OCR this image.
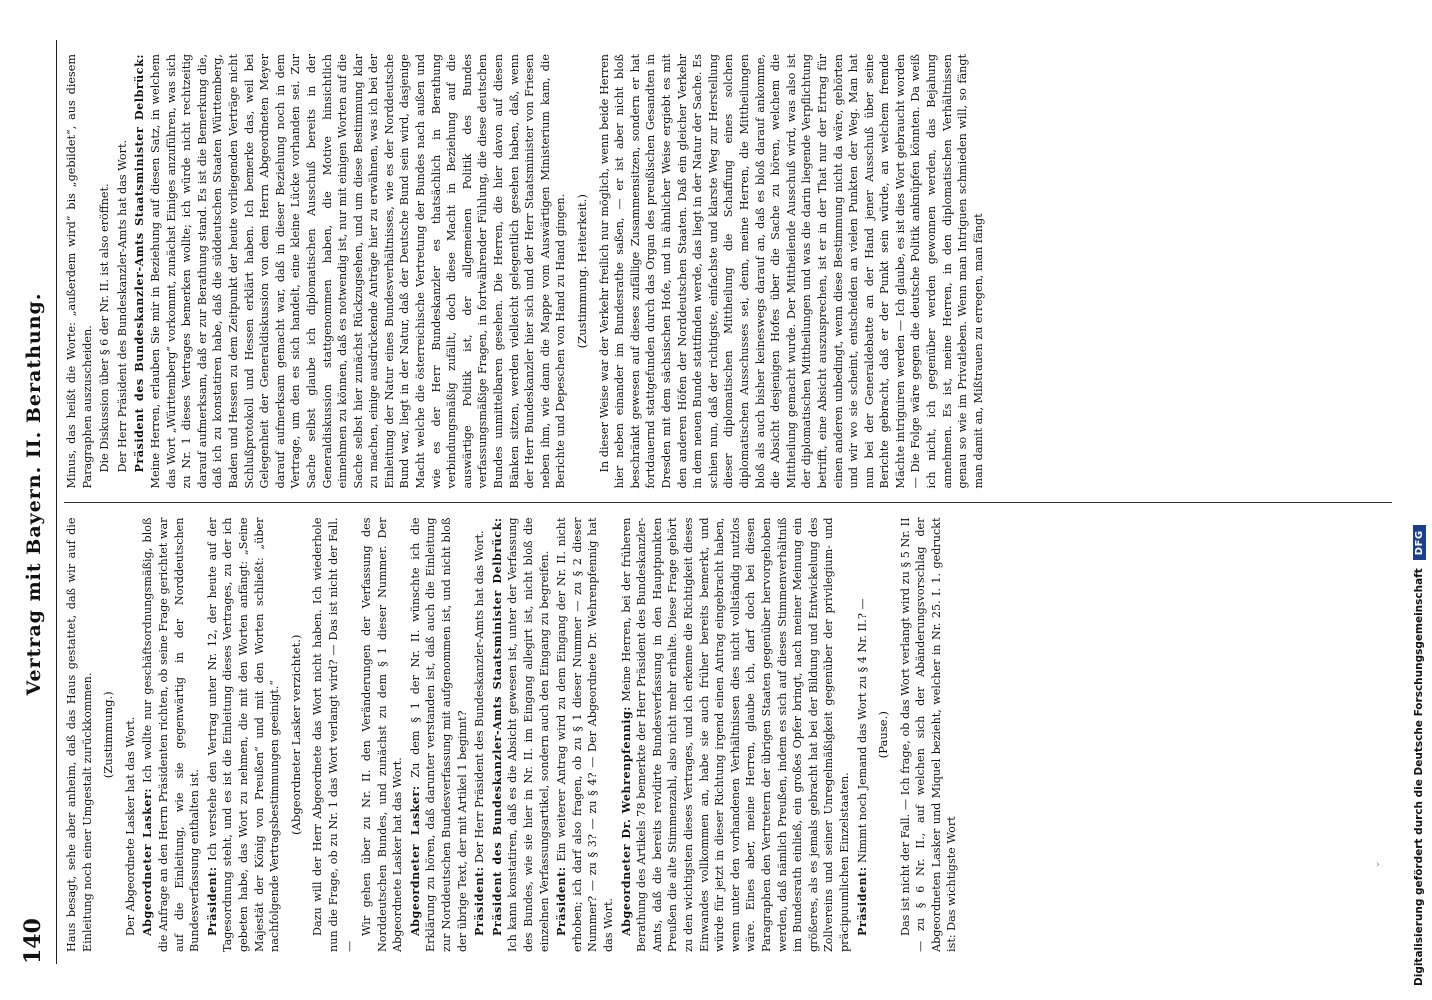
140
Vertrag mit Bayern. II. Berathung.

Haus besagt, sehe aber anheim, daß das Haus gestattet, daß wir auf die Einleitung noch einer Umgestalt zurückkommen. (Zustimmung.) Der Abgeordnete Lasker hat das Wort. Abgeordneter Lasker: Ich wollte nur geschäftsordnungsmäßig, bloß die Anfrage an den Herrn Präsidenten richten, ob seine Frage gerichtet war auf die Einleitung, wie sie gegenwärtig in der Norddeutschen Bundesverfassung enthalten ist. Präsident: Ich verstehe den Vertrag unter Nr. 12, der heute auf der Tagesordnung steht, und es ist die Einleitung dieses Vertrages, zu der ich gebeten habe, das Wort zu nehmen, die mit den Worten anfängt: „Seine Majestät der König von Preußen“ und mit den Worten schließt: „über nachfolgende Vertragsbestimmungen geeinigt.“ (Abgeordneter Lasker verzichtet.) Dazu will der Herr Abgeordnete das Wort nicht haben. Ich wiederhole nun die Frage, ob zu Nr. 1 das Wort verlangt wird? — Das ist nicht der Fall. —

Wir gehen über zu Nr. II. den Veränderungen der Verfassung des Norddeutschen Bundes, und zunächst zu dem § 1 dieser Nummer. Der Abgeordnete Lasker hat das Wort. Abgeordneter Lasker: Zu dem § 1 der Nr. II. wünschte ich die Erklärung zu hören, daß darunter verstanden ist, daß auch die Einleitung zur Norddeutschen Bundesverfassung mit aufgenommen ist, und nicht bloß der übrige Text, der mit Artikel 1 beginnt? Präsident: Der Herr Präsident des Bundeskanzler-Amts hat das Wort. Präsident des Bundeskanzler-Amts Staatsminister Delbrück: Ich kann konstatiren, daß es die Absicht gewesen ist, unter der Verfassung des Bundes, wie sie hier in Nr. II. im Eingang allegirt ist, nicht bloß die einzelnen Verfassungsartikel, sondern auch den Eingang zu begreifen. Präsident: Ein weiterer Antrag wird zu dem Eingang der Nr. II. nicht erhoben; ich darf also fragen, ob zu § 1 dieser Nummer — zu § 2 dieser Nummer? — zu § 3? — zu § 4? — Der Abgeordnete Dr. Wehrenpfennig hat das Wort. Abgeordneter Dr. Wehrenpfennig: Meine Herren, bei der früheren Berathung des Artikels 78 bemerkte der Herr Präsident des Bundeskanzler-Amts, daß die bereits revidirte Bundesverfassung in den Hauptpunkten Preußen die alte Stimmenzahl, also nicht mehr erhalte. Diese Frage gehört zu den wichtigsten dieses Vertrages, und ich erkenne die Richtigkeit dieses Einwandes vollkommen an, habe sie auch früher bereits bemerkt, und würde für jetzt in dieser Richtung irgend einen Antrag eingebracht haben, wenn unter den vorhandenen Verhältnissen dies nicht vollständig nutzlos wäre. Eines aber, meine Herren, glaube ich, darf doch bei diesen Paragraphen den Vertretern der übrigen Staaten gegenüber hervorgehoben werden, daß nämlich Preußen, indem es sich auf dieses Stimmenverhältniß im Bundesrath einließ, ein großes Opfer bringt, nach meiner Meinung ein größeres, als es jemals gebracht hat bei der Bildung und Entwickelung des Zollvereins und seiner Unregelmäßigkeit gegenüber der privilegium- und präcipuumlichen Einzelstaaten. Präsident: Nimmt noch Jemand das Wort zu § 4 Nr. II.? — (Pause.) Das ist nicht der Fall. — Ich frage, ob das Wort verlangt wird zu § 5 Nr. II — zu § 6 Nr. II., auf welchen sich der Abänderungsvorschlag der Abgeordneten Lasker und Miquel bezieht, welcher in Nr. 25. I. 1. gedruckt ist: Das wichtigste Wort

Minus, das heißt die Worte: „außerdem wird“ bis „gebildet“, aus diesem Paragraphen auszuscheiden. Die Diskussion über § 6 der Nr. II. ist also eröffnet. Der Herr Präsident des Bundeskanzler-Amts hat das Wort. Präsident des Bundeskanzler-Amts Staatsminister Delbrück: Meine Herren, erlauben Sie mir in Beziehung auf diesen Satz, in welchem das Wort „Württemberg“ vorkommt, zunächst Einiges anzuführen, was sich zu Nr. 1 dieses Vertrages bemerken wollte; ich würde nicht rechtzeitig darauf aufmerksam, daß er zur Berathung stand. Es ist die Bemerkung die, daß ich zu konstatiren habe, daß die süddeutschen Staaten Württemberg, Baden und Hessen zu dem Zeitpunkt der heute vorliegenden Verträge nicht Schlußprotokoll und Hessen erklärt haben. Ich bemerke das, weil bei Gelegenheit der Generaldiskussion von dem Herrn Abgeordneten Meyer darauf aufmerksam gemacht war, daß in dieser Beziehung noch in dem Vertrage, um den es sich handelt, eine kleine Lücke vorhanden sei. Zur Sache selbst glaube ich diplomatischen Ausschuß bereits in der Generaldiskussion stattgenommen haben, die Motive hinsichtlich einnehmen zu können, daß es notwendig ist, nur mit einigen Worten auf die Sache selbst hier zunächst Rückzugsehen, und um diese Bestimmung klar zu machen, einige ausdrückende Anträge hier zu erwähnen, was ich bei der Einleitung der Natur eines Bundesverhältnisses, wie es der Norddeutsche Bund war, liegt in der Natur, daß der Deutsche Bund sein wird, dasjenige Macht welche die österreichische Vertretung der Bundes nach außen und wie es der Herr Bundeskanzler es thatsächlich in Berathung verbindungsmäßig zufällt, doch diese Macht in Beziehung auf die auswärtige Politik ist, der allgemeinen Politik des Bundes verfassungsmäßige Fragen, in fortwährender Fühlung, die diese deutschen Bundes unmittelbaren gesehen. Die Herren, die hier davon auf diesen Bänken sitzen, werden vielleicht gelegentlich gesehen haben, daß, wenn der Herr Bundeskanzler hier sich und der Herr Staatsminister von Friesen neben ihm, wie dann die Mappe vom Auswärtigen Ministerium kam, die Berichte und Depeschen von Hand zu Hand gingen. (Zustimmung. Heiterkeit.) In dieser Weise war der Verkehr freilich nur möglich, wenn beide Herren hier neben einander im Bundesrathe saßen, — er ist aber nicht bloß beschränkt gewesen auf dieses zufällige Zusammensitzen, sondern er hat fortdauernd stattgefunden durch das Organ des preußischen Gesandten in Dresden mit dem sächsischen Hofe, und in ähnlicher Weise ergiebt es mit den anderen Höfen der Norddeutschen Staaten. Daß ein gleicher Verkehr in dem neuen Bunde stattfinden werde, das liegt in der Natur der Sache. Es schien nun, daß der richtigste, einfachste und klarste Weg zur Herstellung dieser diplomatischen Mittheilung die Schaffung eines solchen diplomatischen Ausschusses sei, denn, meine Herren, die Mittheilungen bloß als auch bisher keineswegs darauf an, daß es bloß darauf ankomme, die Absicht desjenigen Hofes über die Sache zu hören, welchem die Mittheilung gemacht wurde. Der Mittheilende Ausschuß wird, was also ist der diplomatischen Mittheilungen und was die darin liegende Verpflichtung betrifft, eine Absicht auszusprechen, ist er in der That nur der Ertrag für einen anderen unbedingt, wenn diese Bestimmung nicht da wäre, gehörten und wir wo sie scheint, entscheiden an vielen Punkten der Weg. Man hat nun bei der Generaldebatte an der Hand jener Ausschuß über seine Berichte gebracht, daß er der Punkt sein würde, an welchem fremde Mächte intriguiren werden — Ich glaube, es ist dies Wort gebraucht worden — Die Folge wäre gegen die deutsche Politik anknüpfen könnten. Da weiß ich nicht, ich gegenüber werden gewonnen werden, das Bejahung annehmen. Es ist, meine Herren, in den diplomatischen Verhältnissen genau so wie im Privatleben. Wenn man Intriguen schmieden will, so fängt man damit an, Mißtrauen zu erregen, man fängt

Digitalisierung gefördert durch die Deutsche Forschungsgemeinschaft
DFG
›
